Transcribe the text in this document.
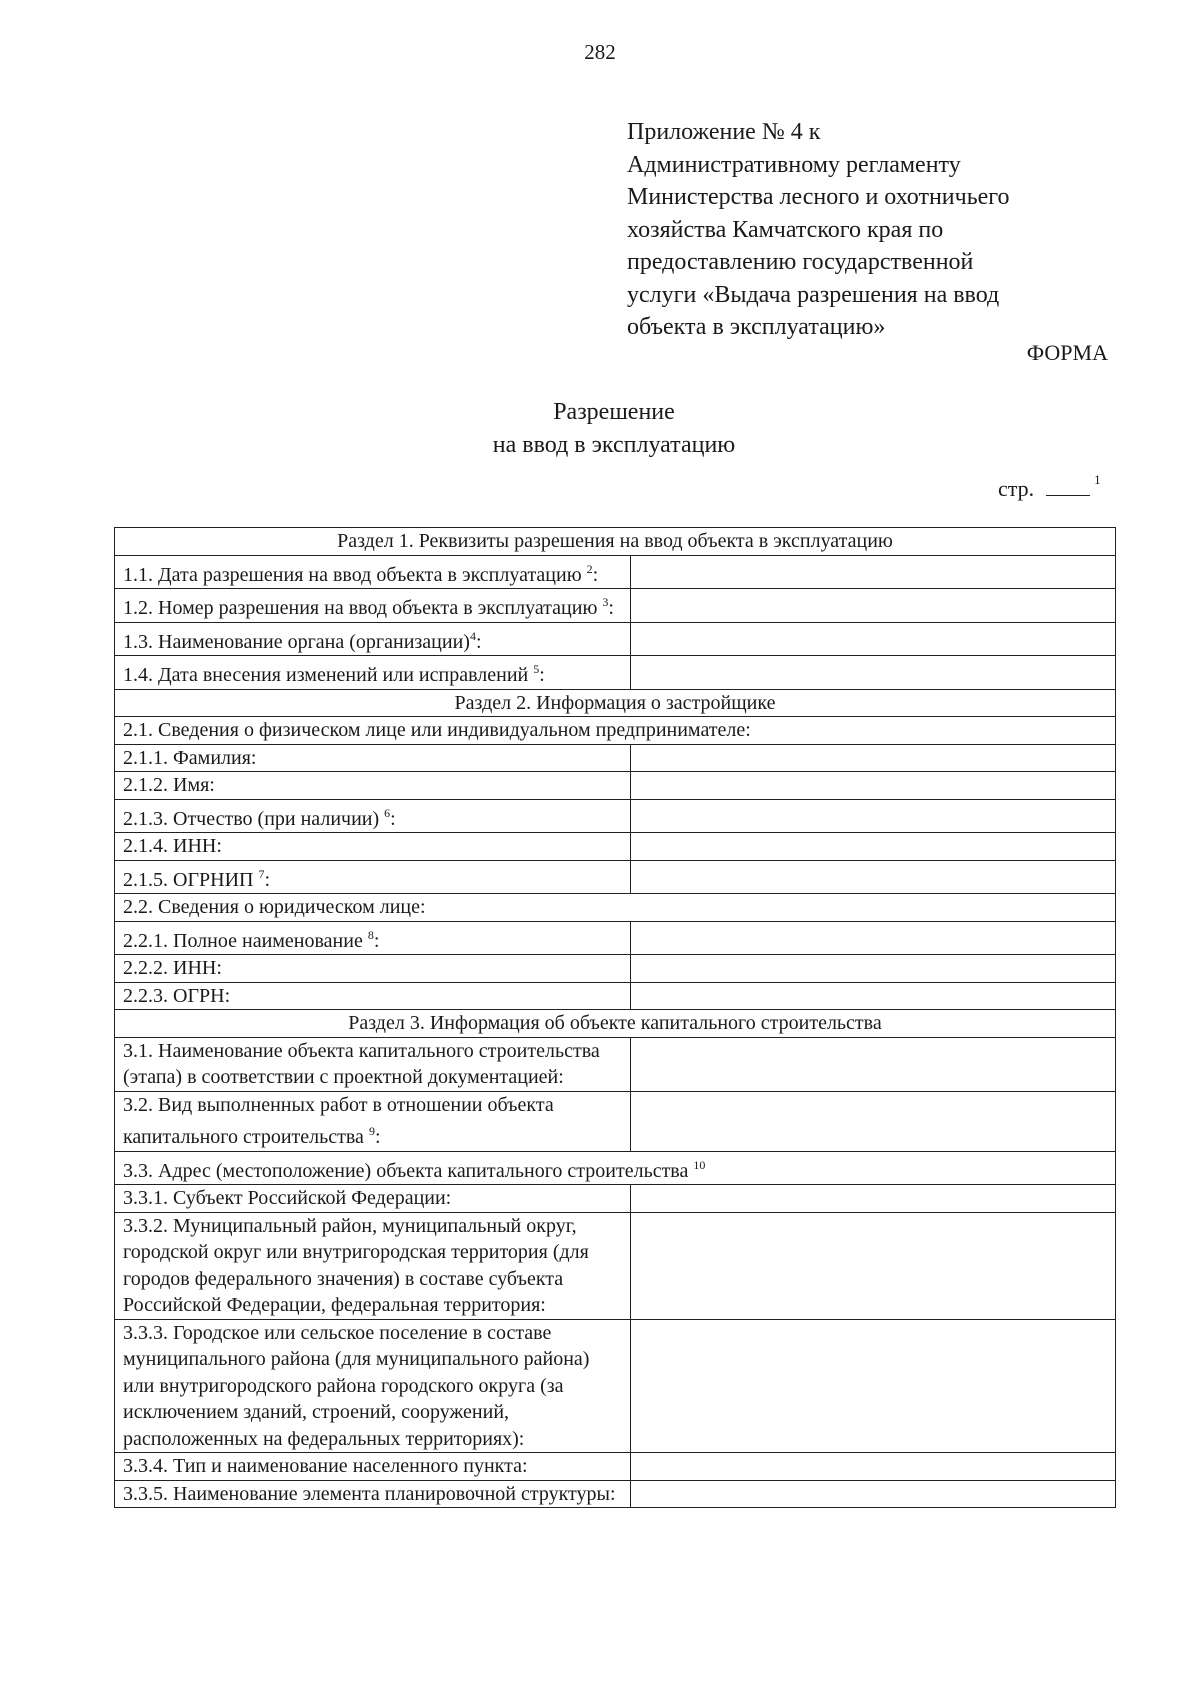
282
Приложение № 4 к
Административному регламенту
Министерства лесного и охотничьего
хозяйства Камчатского края по
предоставлению государственной
услуги «Выдача разрешения на ввод
объекта в эксплуатацию»
ФОРМА
Разрешение
на ввод в эксплуатацию
стр.	$^1$
Раздел 1. Реквизиты разрешения на ввод объекта в эксплуатацию	
1.1. Дата разрешения на ввод объекта в эксплуатацию $^2$:	
1.2. Номер разрешения на ввод объекта в эксплуатацию $^3$:	
1.3. Наименование органа (организации)$^4$:	
1.4. Дата внесения изменений или исправлений $^5$:	
Раздел 2. Информация о застройщике	
2.1. Сведения о физическом лице или индивидуальном предпринимателе:	
2.1.1. Фамилия:	
2.1.2. Имя:	
2.1.3. Отчество (при наличии) $^6$:	
2.1.4. ИНН:	
2.1.5. ОГРНИП $^7$:	
2.2. Сведения о юридическом лице:	
2.2.1. Полное наименование $^8$:	
2.2.2. ИНН:	
2.2.3. ОГРН:	
Раздел 3. Информация об объекте капитального строительства	
3.1. Наименование объекта капитального строительства (этапа) в соответствии с проектной документацией:	
3.2. Вид выполненных работ в отношении объекта капитального строительства $^9$:	
3.3. Адрес (местоположение) объекта капитального строительства $^{10}$
3.3.1. Субъект Российской Федерации:	
3.3.2. Муниципальный район, муниципальный округ, городской округ или внутригородская территория (для городов федерального значения) в составе субъекта Российской Федерации, федеральная территория:	
3.3.3. Городское или сельское поселение в составе муниципального района (для муниципального района) или внутригородского района городского округа (за исключением зданий, строений, сооружений, расположенных на федеральных территориях):	
3.3.4. Тип и наименование населенного пункта:	
3.3.5. Наименование элемента планировочной структуры:	
